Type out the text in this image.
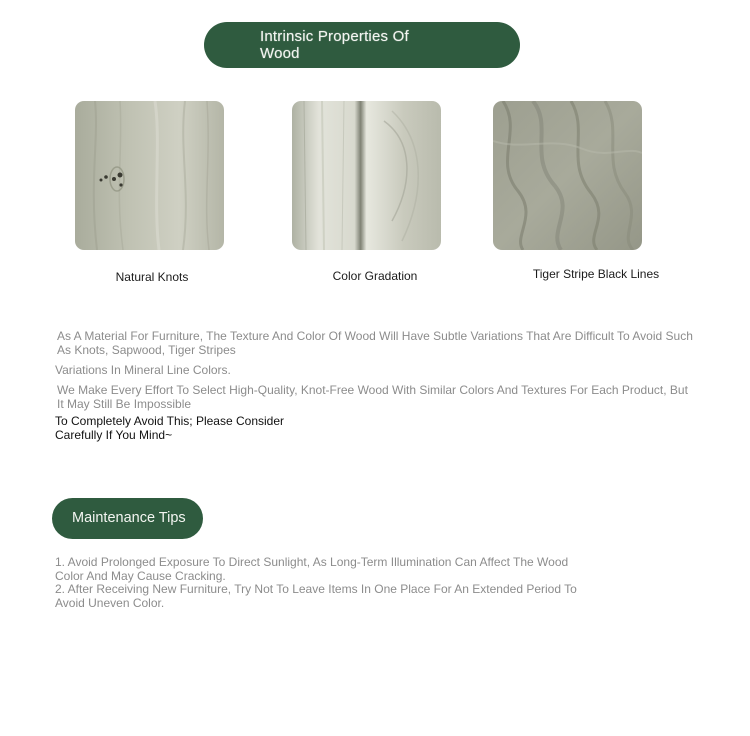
Intrinsic Properties Of Wood
Natural Knots	Color Gradation	Tiger Stripe Black Lines

As A Material For Furniture, The Texture And Color Of Wood Will Have Subtle Variations That Are Difficult To Avoid Such As Knots, Sapwood, Tiger Stripes

Variations In Mineral Line Colors.

We Make Every Effort To Select High-Quality, Knot-Free Wood With Similar Colors And Textures For Each Product, But It May Still Be Impossible

To Completely Avoid This; Please Consider Carefully If You Mind~

Maintenance Tips
1. Avoid Prolonged Exposure To Direct Sunlight, As Long-Term Illumination Can Affect The Wood Color And May Cause Cracking.
2. After Receiving New Furniture, Try Not To Leave Items In One Place For An Extended Period To Avoid Uneven Color.
